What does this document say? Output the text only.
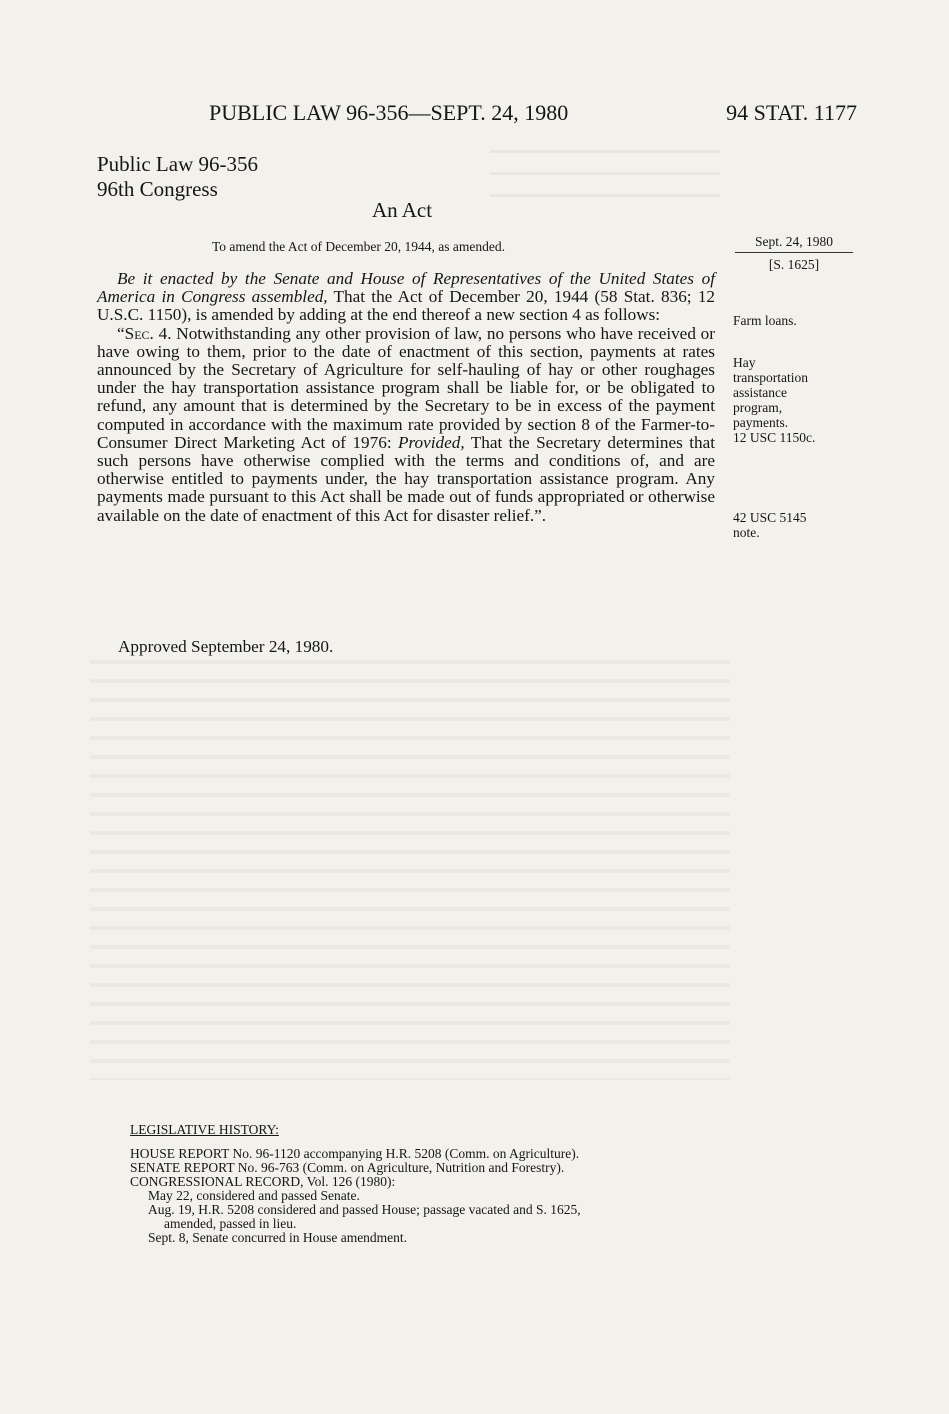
PUBLIC LAW 96-356—SEPT. 24, 1980	94 STAT. 1177
Public Law 96-356
96th Congress
An Act
To amend the Act of December 20, 1944, as amended.	Sept. 24, 1980
[S. 1625]

Be it enacted by the Senate and House of Representatives of the United States of America in Congress assembled, That the Act of December 20, 1944 (58 Stat. 836; 12 U.S.C. 1150), is amended by adding at the end thereof a new section 4 as follows:

“Sec. 4. Notwithstanding any other provision of law, no persons who have received or have owing to them, prior to the date of enactment of this section, payments at rates announced by the Secretary of Agriculture for self-hauling of hay or other roughages under the hay transportation assistance program shall be liable for, or be obligated to refund, any amount that is determined by the Secretary to be in excess of the payment computed in accordance with the maximum rate provided by section 8 of the Farmer-to-Consumer Direct Marketing Act of 1976: Provided, That the Secretary determines that such persons have otherwise complied with the terms and conditions of, and are otherwise entitled to payments under, the hay transportation assistance program. Any payments made pursuant to this Act shall be made out of funds appropriated or otherwise available on the date of enactment of this Act for disaster relief.”.

Approved September 24, 1980.
Farm loans.
Hay
transportation
assistance
program,
payments.
12 USC 1150c.
42 USC 5145
note.
LEGISLATIVE HISTORY:
HOUSE REPORT No. 96-1120 accompanying H.R. 5208 (Comm. on Agriculture).
SENATE REPORT No. 96-763 (Comm. on Agriculture, Nutrition and Forestry).
CONGRESSIONAL RECORD, Vol. 126 (1980):
May 22, considered and passed Senate.
Aug. 19, H.R. 5208 considered and passed House; passage vacated and S. 1625,
amended, passed in lieu.
Sept. 8, Senate concurred in House amendment.
